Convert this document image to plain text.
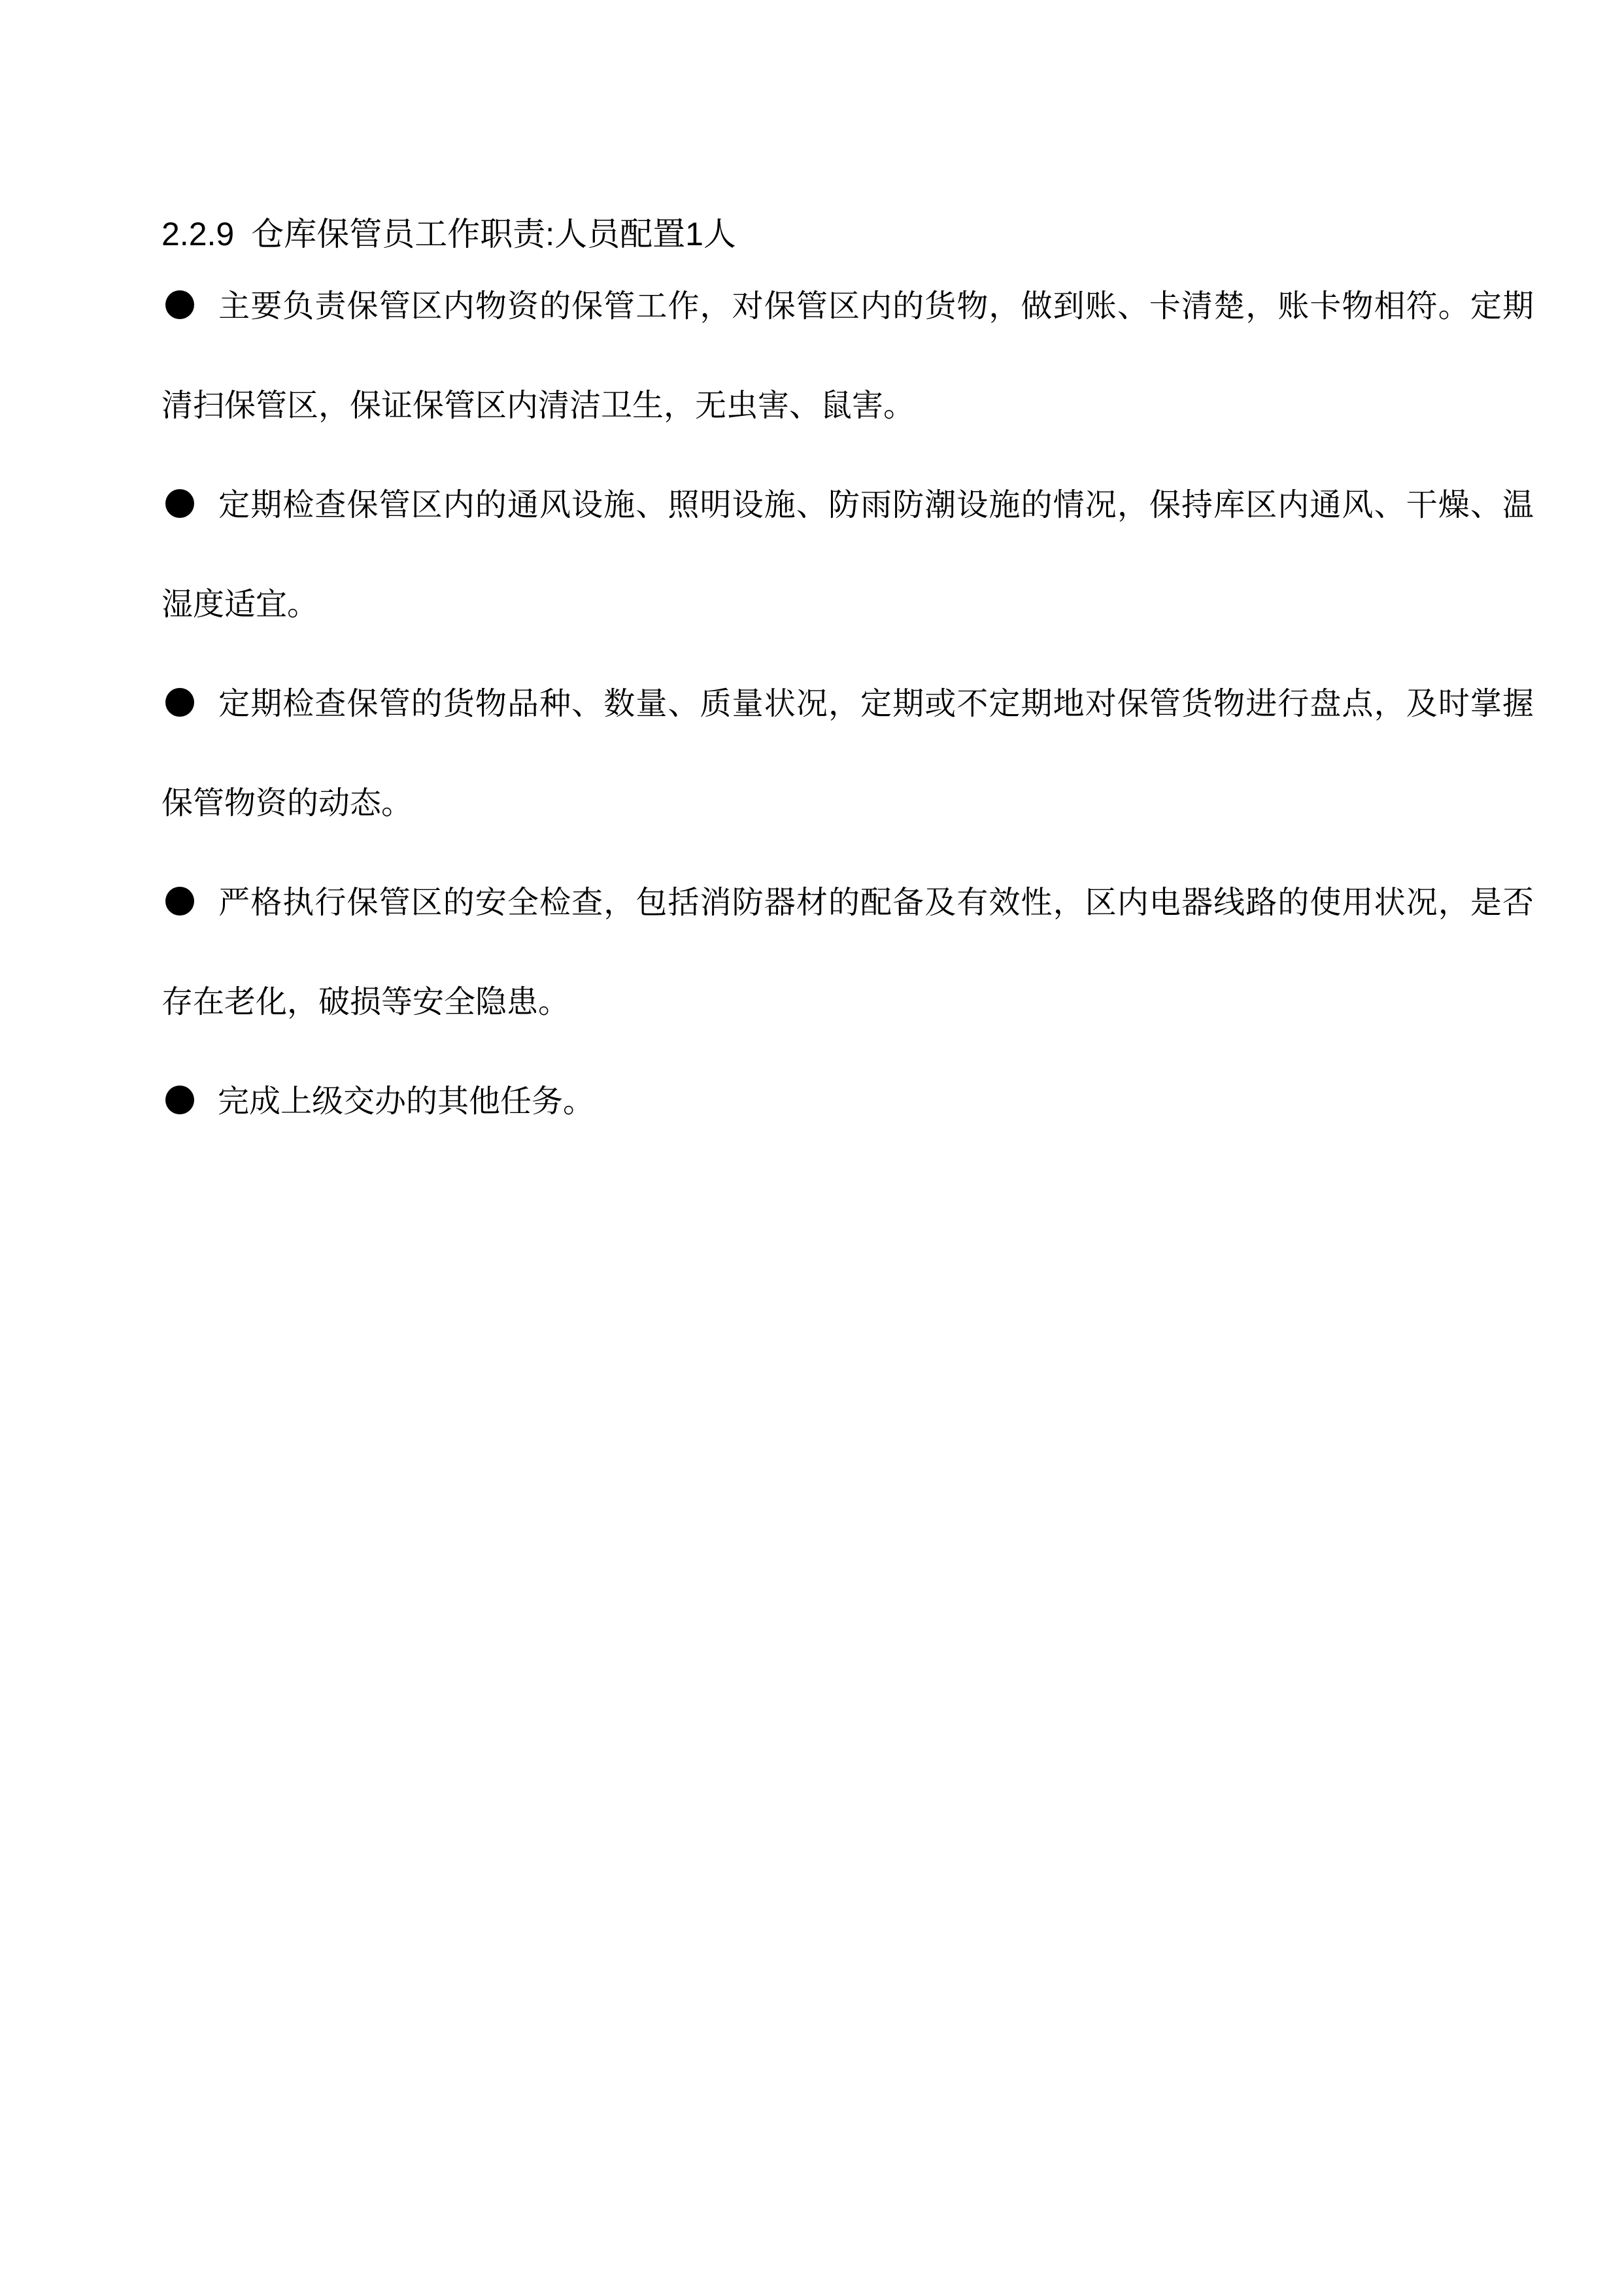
2.2.9 仓库保管员工作职责:人员配置1人
主要负责保管区内物资的保管工作，对保管区内的货物，做到账、卡清楚，账卡物相符。定期清扫保管区，保证保管区内清洁卫生，无虫害、鼠害。
定期检查保管区内的通风设施、照明设施、防雨防潮设施的情况，保持库区内通风、干燥、温湿度适宜。
定期检查保管的货物品种、数量、质量状况，定期或不定期地对保管货物进行盘点，及时掌握保管物资的动态。
严格执行保管区的安全检查，包括消防器材的配备及有效性，区内电器线路的使用状况，是否存在老化，破损等安全隐患。
完成上级交办的其他任务。
